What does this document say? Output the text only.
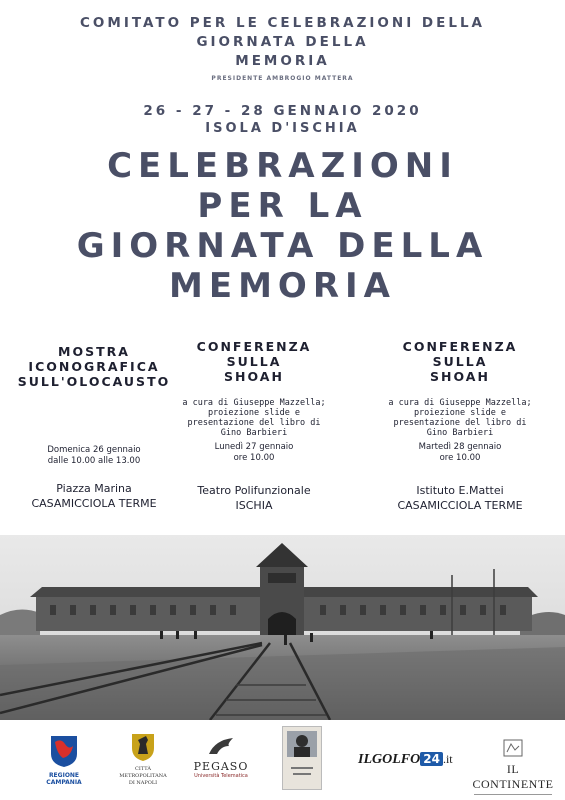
COMITATO PER LE CELEBRAZIONI DELLA
GIORNATA DELLA
MEMORIA
PRESIDENTE AMBROGIO MATTERA
26 - 27 - 28 GENNAIO 2020
ISOLA D'ISCHIA
CELEBRAZIONI
PER LA
GIORNATA DELLA
MEMORIA
MOSTRA
ICONOGRAFICA
SULL'OLOCAUSTO
Domenica 26 gennaio
dalle 10.00 alle 13.00
Piazza Marina
CASAMICCIOLA TERME
CONFERENZA
SULLA
SHOAH
a cura di Giuseppe Mazzella;
proiezione slide e
presentazione del libro di
Gino Barbieri
Lunedì 27 gennaio
ore 10.00
Teatro Polifunzionale
ISCHIA
CONFERENZA
SULLA
SHOAH
a cura di Giuseppe Mazzella;
proiezione slide e
presentazione del libro di
Gino Barbieri
Martedì 28 gennaio
ore 10.00
Istituto E.Mattei
CASAMICCIOLA TERME
REGIONE CAMPANIA
CITTÀ METROPOLITANA
DI NAPOLI
PEGASO
Università Telematica
ILGOLFO 24 .it
IL CONTINENTE
